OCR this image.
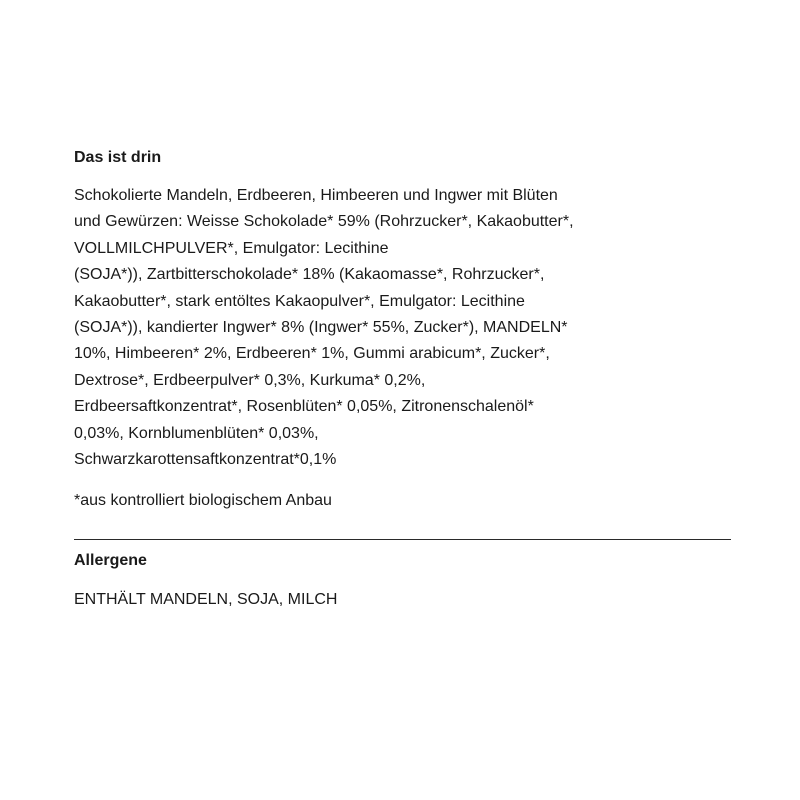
Das ist drin

Schokolierte Mandeln, Erdbeeren, Himbeeren und Ingwer mit Blüten
und Gewürzen: Weisse Schokolade* 59% (Rohrzucker*, Kakaobutter*,
VOLLMILCHPULVER*, Emulgator: Lecithine
(SOJA*)), Zartbitterschokolade* 18% (Kakaomasse*, Rohrzucker*,
Kakaobutter*, stark entöltes Kakaopulver*, Emulgator: Lecithine
(SOJA*)), kandierter Ingwer* 8% (Ingwer* 55%, Zucker*), MANDELN*
10%, Himbeeren* 2%, Erdbeeren* 1%, Gummi arabicum*, Zucker*,
Dextrose*, Erdbeerpulver* 0,3%, Kurkuma* 0,2%,
Erdbeersaftkonzentrat*, Rosenblüten* 0,05%, Zitronenschalenöl*
0,03%, Kornblumenblüten* 0,03%,
Schwarzkarottensaftkonzentrat*0,1%

*aus kontrolliert biologischem Anbau

Allergene

ENTHÄLT MANDELN, SOJA, MILCH
